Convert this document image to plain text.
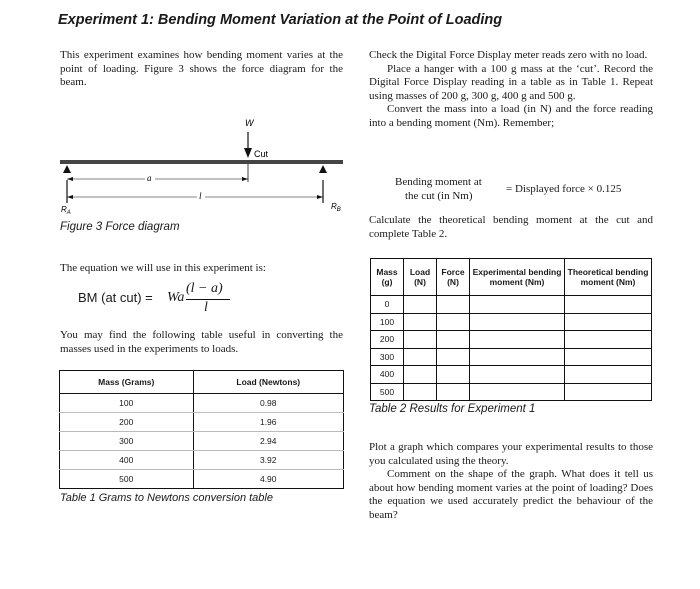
Experiment 1: Bending Moment Variation at the Point of Loading
This experiment examines how bending moment varies at the point of loading. Figure 3 shows the force diagram for the beam.
W
Cut
a
l
$R_A$
$R_B$
Figure 3 Force diagram
The equation we will use in this experiment is:
BM (at cut) = Wa
(l − a)
l
You may find the following table useful in converting the masses used in the experiments to loads.
Mass (Grams)	Load (Newtons)
100	0.98
200	1.96
300	2.94
400	3.92
500	4.90
Table 1 Grams to Newtons conversion table

Check the Digital Force Display meter reads zero with no load.

Place a hanger with a 100 g mass at the ‘cut’. Record the Digital Force Display reading in a table as in Table 1. Repeat using masses of 200 g, 300 g, 400 g and 500 g.

Convert the mass into a load (in N) and the force reading into a bending moment (Nm). Remember;

Bending moment at
the cut (in Nm)
= Displayed force × 0.125
Calculate the theoretical bending moment at the cut and complete Table 2.
Mass (g)	Load (N)	Force (N)	Experimental bending moment (Nm)	Theoretical bending moment (Nm)
0				
100				
200				
300				
400				
500				
Table 2 Results for Experiment 1

Plot a graph which compares your experimental results to those you calculated using the theory.

Comment on the shape of the graph. What does it tell us about how bending moment varies at the point of loading? Does the equation we used accurately predict the behaviour of the beam?
